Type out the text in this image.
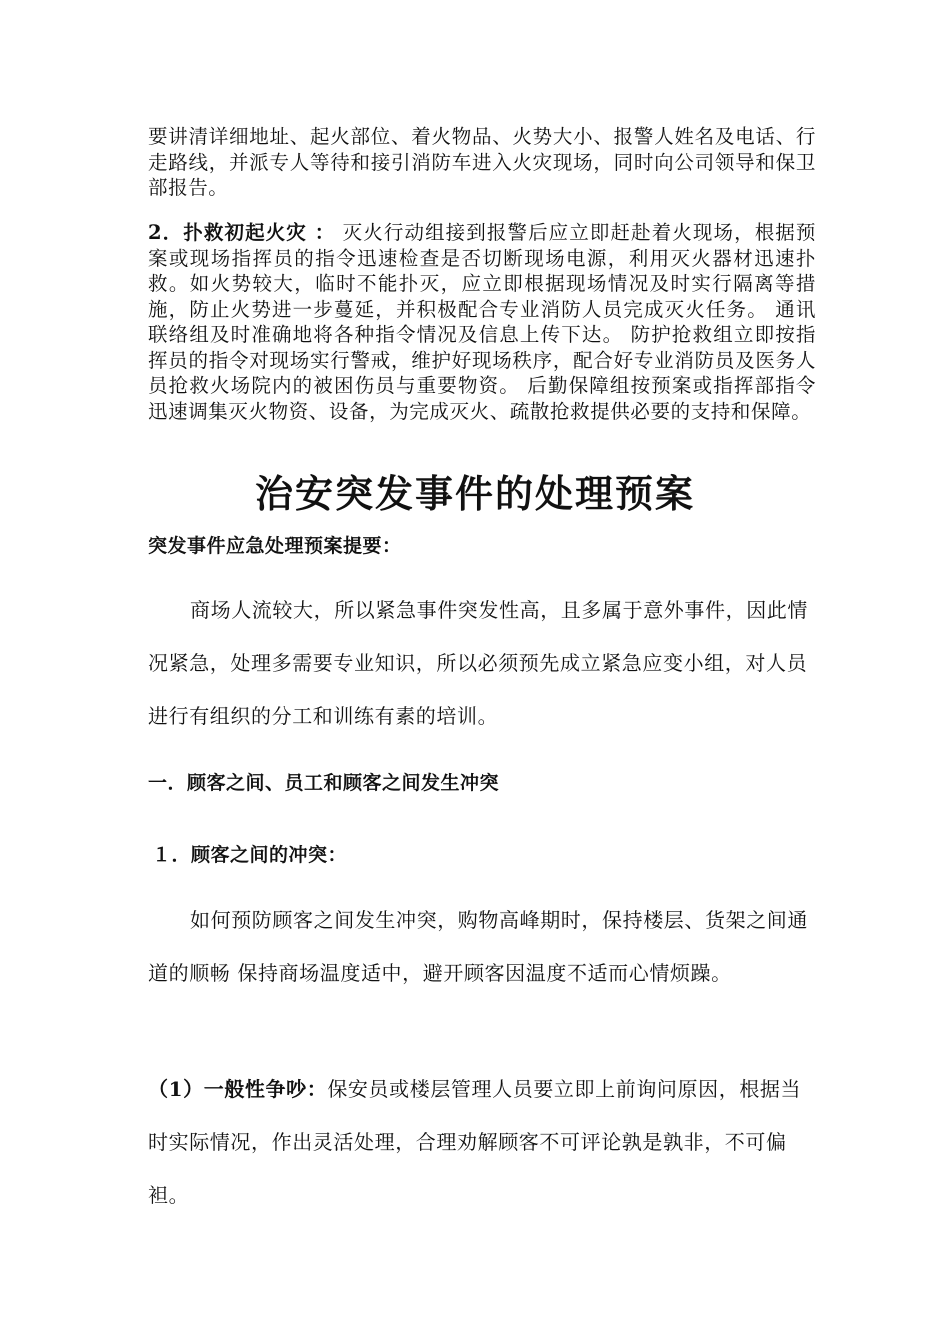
要讲清详细地址、起火部位、着火物品、火势大小、报警人姓名及电话、行走路线，并派专人等待和接引消防车进入火灾现场，同时向公司领导和保卫部报告。
2．扑救初起火灾 ： 灭火行动组接到报警后应立即赶赴着火现场，根据预案或现场指挥员的指令迅速检查是否切断现场电源，利用灭火器材迅速扑救。如火势较大，临时不能扑灭，应立即根据现场情况及时实行隔离等措施，防止火势进一步蔓延，并积极配合专业消防人员完成灭火任务。 通讯联络组及时准确地将各种指令情况及信息上传下达。 防护抢救组立即按指挥员的指令对现场实行警戒，维护好现场秩序，配合好专业消防员及医务人员抢救火场院内的被困伤员与重要物资。 后勤保障组按预案或指挥部指令迅速调集灭火物资、设备，为完成灭火、疏散抢救提供必要的支持和保障。
治安突发事件的处理预案
突发事件应急处理预案提要：
商场人流较大，所以紧急事件突发性高，且多属于意外事件，因此情况紧急，处理多需要专业知识，所以必须预先成立紧急应变小组，对人员进行有组织的分工和训练有素的培训。
一．顾客之间、员工和顾客之间发生冲突
１．顾客之间的冲突：
如何预防顾客之间发生冲突，购物高峰期时，保持楼层、货架之间通道的顺畅 保持商场温度适中，避开顾客因温度不适而心情烦躁。
（1）一般性争吵：保安员或楼层管理人员要立即上前询问原因，根据当时实际情况，作出灵活处理，合理劝解顾客不可评论孰是孰非，不可偏袒。
